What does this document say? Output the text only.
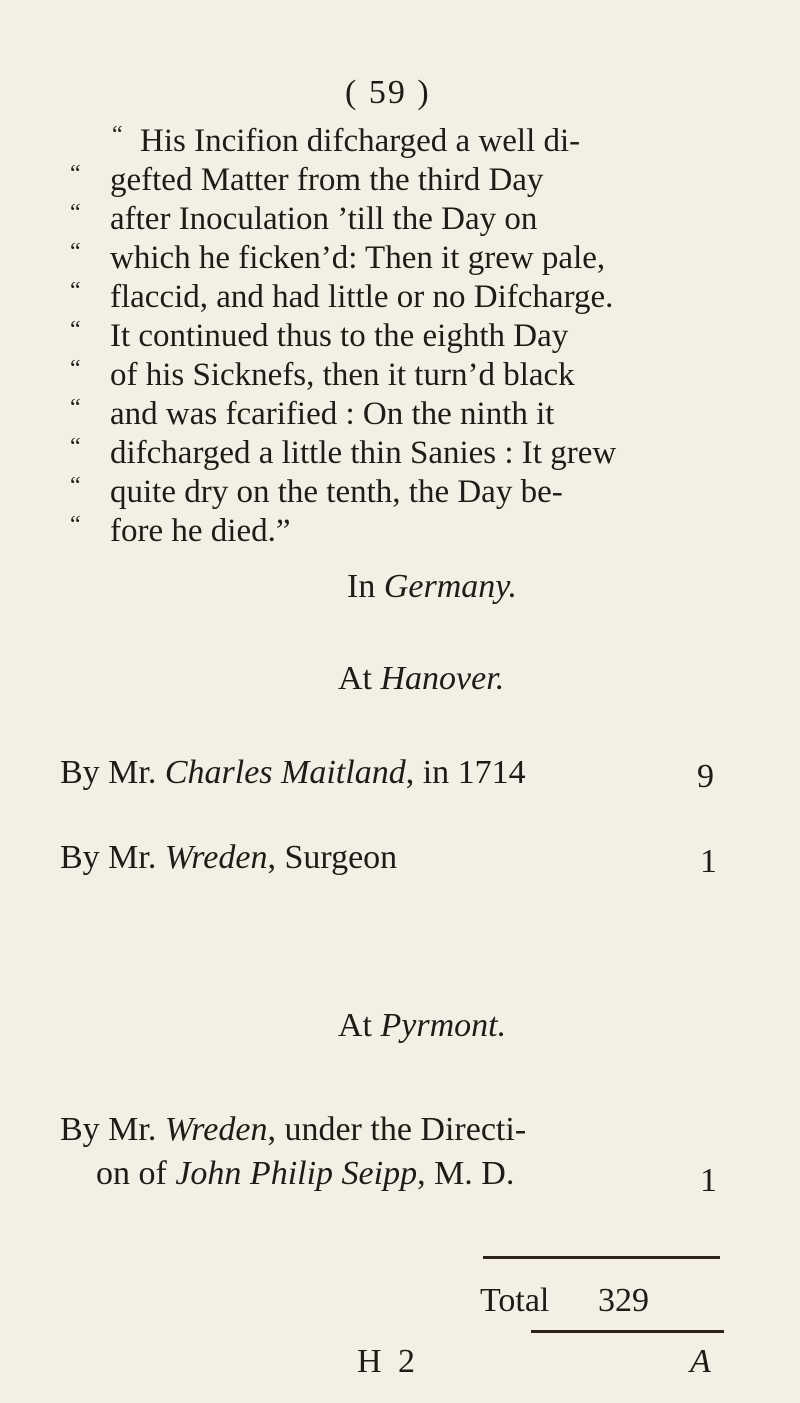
( 59 )
“ His Incifion difcharged a well di-
“ gefted Matter from the third Day
“ after Inoculation ’till the Day on
“ which he ficken’d: Then it grew pale,
“ flaccid, and had little or no Difcharge.
“ It continued thus to the eighth Day
“ of his Sicknefs, then it turn’d black
“ and was fcarified : On the ninth it
“ difcharged a little thin Sanies : It grew
“ quite dry on the tenth, the Day be-
“ fore he died.”
In Germany.
At Hanover.
By Mr. Charles Maitland, in 1714	9
By Mr. Wreden, Surgeon	1
At Pyrmont.
By Mr. Wreden, under the Directi-
on of John Philip Seipp, M. D.	1
Total 329
H 2	A
